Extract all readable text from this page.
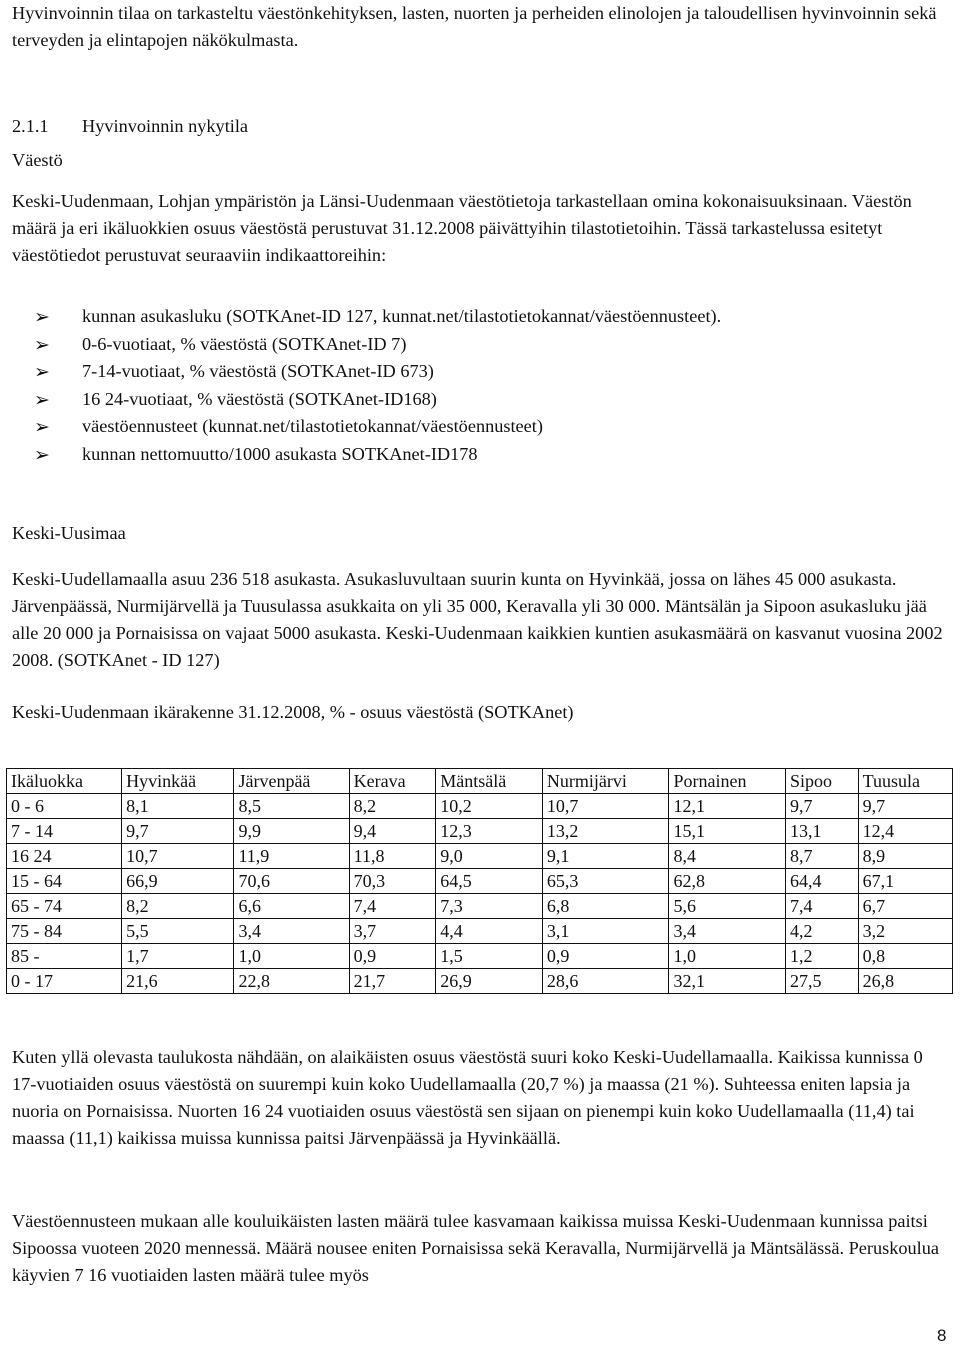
Hyvinvoinnin tilaa on tarkasteltu väestönkehityksen, lasten, nuorten ja perheiden elinolojen ja taloudellisen hyvinvoinnin sekä terveyden ja elintapojen näkökulmasta.

2.1.1 Hyvinvoinnin nykytila
Väestö

Keski-Uudenmaan, Lohjan ympäristön ja Länsi-Uudenmaan väestötietoja tarkastellaan omina kokonaisuuksinaan. Väestön määrä ja eri ikäluokkien osuus väestöstä perustuvat 31.12.2008 päivättyihin tilastotietoihin. Tässä tarkastelussa esitetyt väestötiedot perustuvat seuraaviin indikaattoreihin:

➢ kunnan asukasluku (SOTKAnet-ID 127, kunnat.net/tilastotietokannat/väestöennusteet).
➢ 0-6-vuotiaat, % väestöstä (SOTKAnet-ID 7)
➢ 7-14-vuotiaat, % väestöstä (SOTKAnet-ID 673)
➢ 16 24-vuotiaat, % väestöstä (SOTKAnet-ID168)
➢ väestöennusteet (kunnat.net/tilastotietokannat/väestöennusteet)
➢ kunnan nettomuutto/1000 asukasta SOTKAnet-ID178
Keski-Uusimaa

Keski-Uudellamaalla asuu 236 518 asukasta. Asukasluvultaan suurin kunta on Hyvinkää, jossa on lähes 45 000 asukasta. Järvenpäässä, Nurmijärvellä ja Tuusulassa asukkaita on yli 35 000, Keravalla yli 30 000. Mäntsälän ja Sipoon asukasluku jää alle 20 000 ja Pornaisissa on vajaat 5000 asukasta. Keski-Uudenmaan kaikkien kuntien asukasmäärä on kasvanut vuosina 2002 2008. (SOTKAnet - ID 127)

Keski-Uudenmaan ikärakenne 31.12.2008, % - osuus väestöstä (SOTKAnet)
Ikäluokka	Hyvinkää	Järvenpää	Kerava	Mäntsälä	Nurmijärvi	Pornainen	Sipoo	Tuusula
0 - 6	8,1	8,5	8,2	10,2	10,7	12,1	9,7	9,7
7 - 14	9,7	9,9	9,4	12,3	13,2	15,1	13,1	12,4
16 24	10,7	11,9	11,8	9,0	9,1	8,4	8,7	8,9
15 - 64	66,9	70,6	70,3	64,5	65,3	62,8	64,4	67,1
65 - 74	8,2	6,6	7,4	7,3	6,8	5,6	7,4	6,7
75 - 84	5,5	3,4	3,7	4,4	3,1	3,4	4,2	3,2
85 -	1,7	1,0	0,9	1,5	0,9	1,0	1,2	0,8
0 - 17	21,6	22,8	21,7	26,9	28,6	32,1	27,5	26,8

Kuten yllä olevasta taulukosta nähdään, on alaikäisten osuus väestöstä suuri koko Keski-Uudellamaalla. Kaikissa kunnissa 0 17-vuotiaiden osuus väestöstä on suurempi kuin koko Uudellamaalla (20,7 %) ja maassa (21 %). Suhteessa eniten lapsia ja nuoria on Pornaisissa. Nuorten 16 24 vuotiaiden osuus väestöstä sen sijaan on pienempi kuin koko Uudellamaalla (11,4) tai maassa (11,1) kaikissa muissa kunnissa paitsi Järvenpäässä ja Hyvinkäällä.

Väestöennusteen mukaan alle kouluikäisten lasten määrä tulee kasvamaan kaikissa muissa Keski-Uudenmaan kunnissa paitsi Sipoossa vuoteen 2020 mennessä. Määrä nousee eniten Pornaisissa sekä Keravalla, Nurmijärvellä ja Mäntsälässä. Peruskoulua käyvien 7 16 vuotiaiden lasten määrä tulee myös

8
